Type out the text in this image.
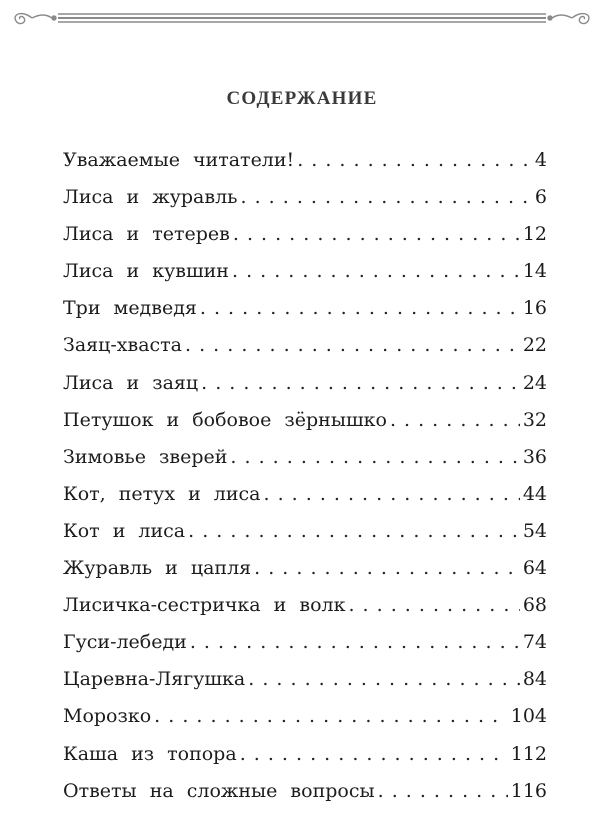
СОДЕРЖАНИЕ
Уважаемые читатели! . . .	4
Лиса и журавль . . .	6
Лиса и тетерев . . .	12
Лиса и кувшин . . .	14
Три медведя . . .	16
Заяц-хваста . . .	22
Лиса и заяц . . .	24
Петушок и бобовое зёрнышко . . .	32
Зимовье зверей . . .	36
Кот, петух и лиса . . .	44
Кот и лиса . . .	54
Журавль и цапля . . .	64
Лисичка-сестричка и волк . . .	68
Гуси-лебеди . . .	74
Царевна-Лягушка . . .	84
Морозко . . .	104
Каша из топора . . .	112
Ответы на сложные вопросы . . .	116
